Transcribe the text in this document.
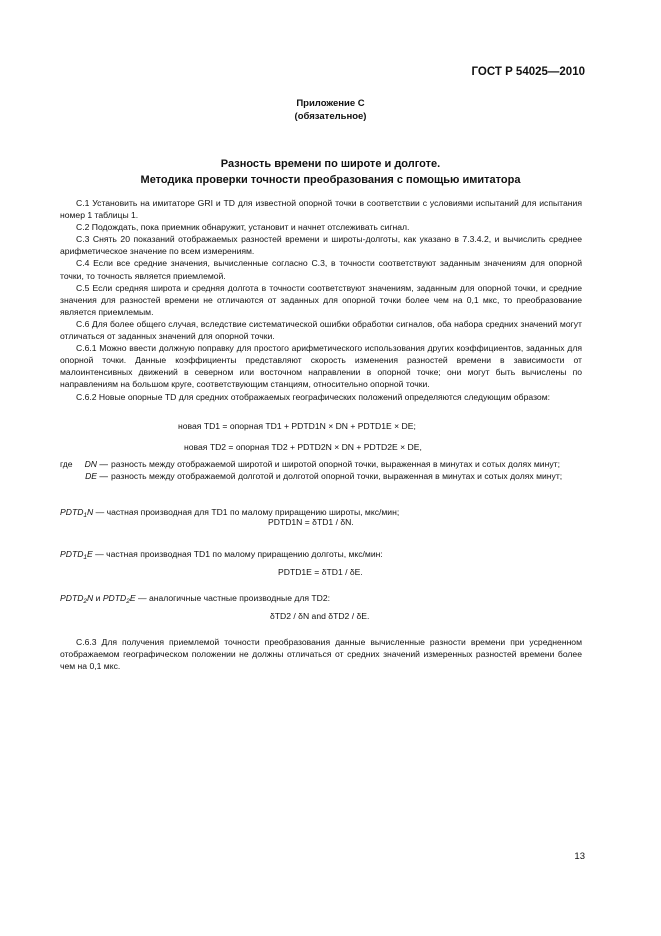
ГОСТ Р 54025—2010
Приложение С
(обязательное)
Разность времени по широте и долготе.
Методика проверки точности преобразования с помощью имитатора

С.1 Установить на имитаторе GRI и TD для известной опорной точки в соответствии с условиями испытаний для испытания номер 1 таблицы 1.

С.2 Подождать, пока приемник обнаружит, установит и начнет отслеживать сигнал.

С.3 Снять 20 показаний отображаемых разностей времени и широты-долготы, как указано в 7.3.4.2, и вычислить среднее арифметическое значение по всем измерениям.

С.4 Если все средние значения, вычисленные согласно С.3, в точности соответствуют заданным значениям для опорной точки, то точность является приемлемой.

С.5 Если средняя широта и средняя долгота в точности соответствуют значениям, заданным для опорной точки, и средние значения для разностей времени не отличаются от заданных для опорной точки более чем на 0,1 мкс, то преобразование является приемлемым.

С.6 Для более общего случая, вследствие систематической ошибки обработки сигналов, оба набора средних значений могут отличаться от заданных значений для опорной точки.

С.6.1 Можно ввести должную поправку для простого арифметического использования других коэффициентов, заданных для опорной точки. Данные коэффициенты представляют скорость изменения разностей времени в зависимости от малоинтенсивных движений в северном или восточном направлении в опорной точке; они могут быть вычислены по направлениям на большом круге, соответствующим станциям, относительно опорной точки.

С.6.2 Новые опорные TD для средних отображаемых географических положений определяются следующим образом:

новая TD1 = опорная TD1 + PDTD1N × DN + PDTD1E × DE;
новая TD2 = опорная TD2 + PDTD2N × DN + PDTD2E × DE,
где	DN — разность между отображаемой широтой и широтой опорной точки, выраженная в минутах и сотых долях минут;
DE — разность между отображаемой долготой и долготой опорной точки, выраженная в минутах и сотых долях минут;
$PDTD_1N$ — частная производная для TD1 по малому приращению широты, мкс/мин;
PDTD1N = δTD1 / δN.
$PDTD_1E$ — частная производная TD1 по малому приращению долготы, мкс/мин:
PDTD1E = δTD1 / δE.
$PDTD_2N$ и $PDTD_2E$ — аналогичные частные производные для TD2:
δTD2 / δN and δTD2 / δE.

С.6.3 Для получения приемлемой точности преобразования данные вычисленные разности времени при усредненном отображаемом географическом положении не должны отличаться от средних значений измеренных разностей времени более чем на 0,1 мкс.

13
